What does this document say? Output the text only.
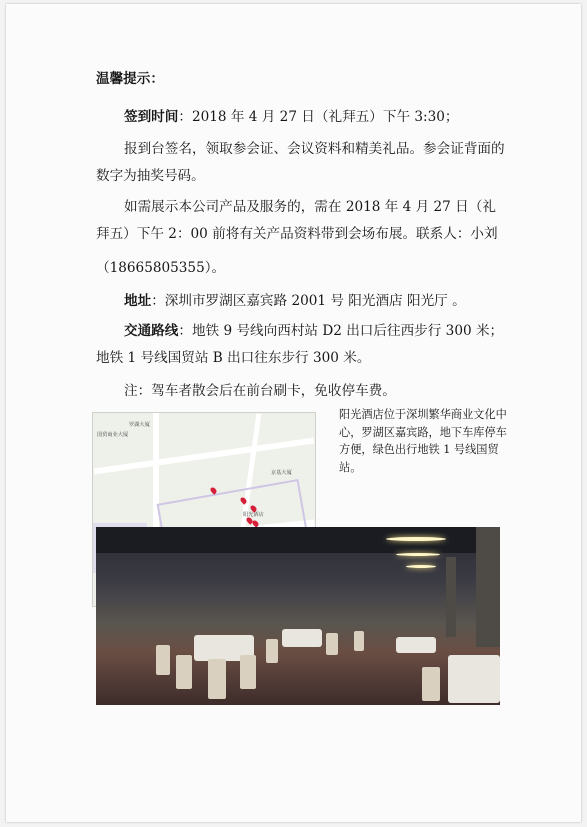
温馨提示：

签到时间：2018 年 4 月 27 日（礼拜五）下午 3:30；

报到台签名，领取参会证、会议资料和精美礼品。参会证背面的数字为抽奖号码。

如需展示本公司产品及服务的，需在 2018 年 4 月 27 日（礼拜五）下午 2：00 前将有关产品资料带到会场布展。联系人：小刘

（18665805355）。

地址：深圳市罗湖区嘉宾路 2001 号 阳光酒店 阳光厅 。

交通路线：地铁 9 号线向西村站 D2 出口后往西步行 300 米；地铁 1 号线国贸站 B 出口往东步行 300 米。

注：驾车者散会后在前台刷卡，免收停车费。

罗湖大厦
国贸商业大厦
阳光酒店
京基大厦
阳光酒店位于深圳繁华商业文化中心，罗湖区嘉宾路，地下车库停车方便，绿色出行地铁 1 号线国贸站。
